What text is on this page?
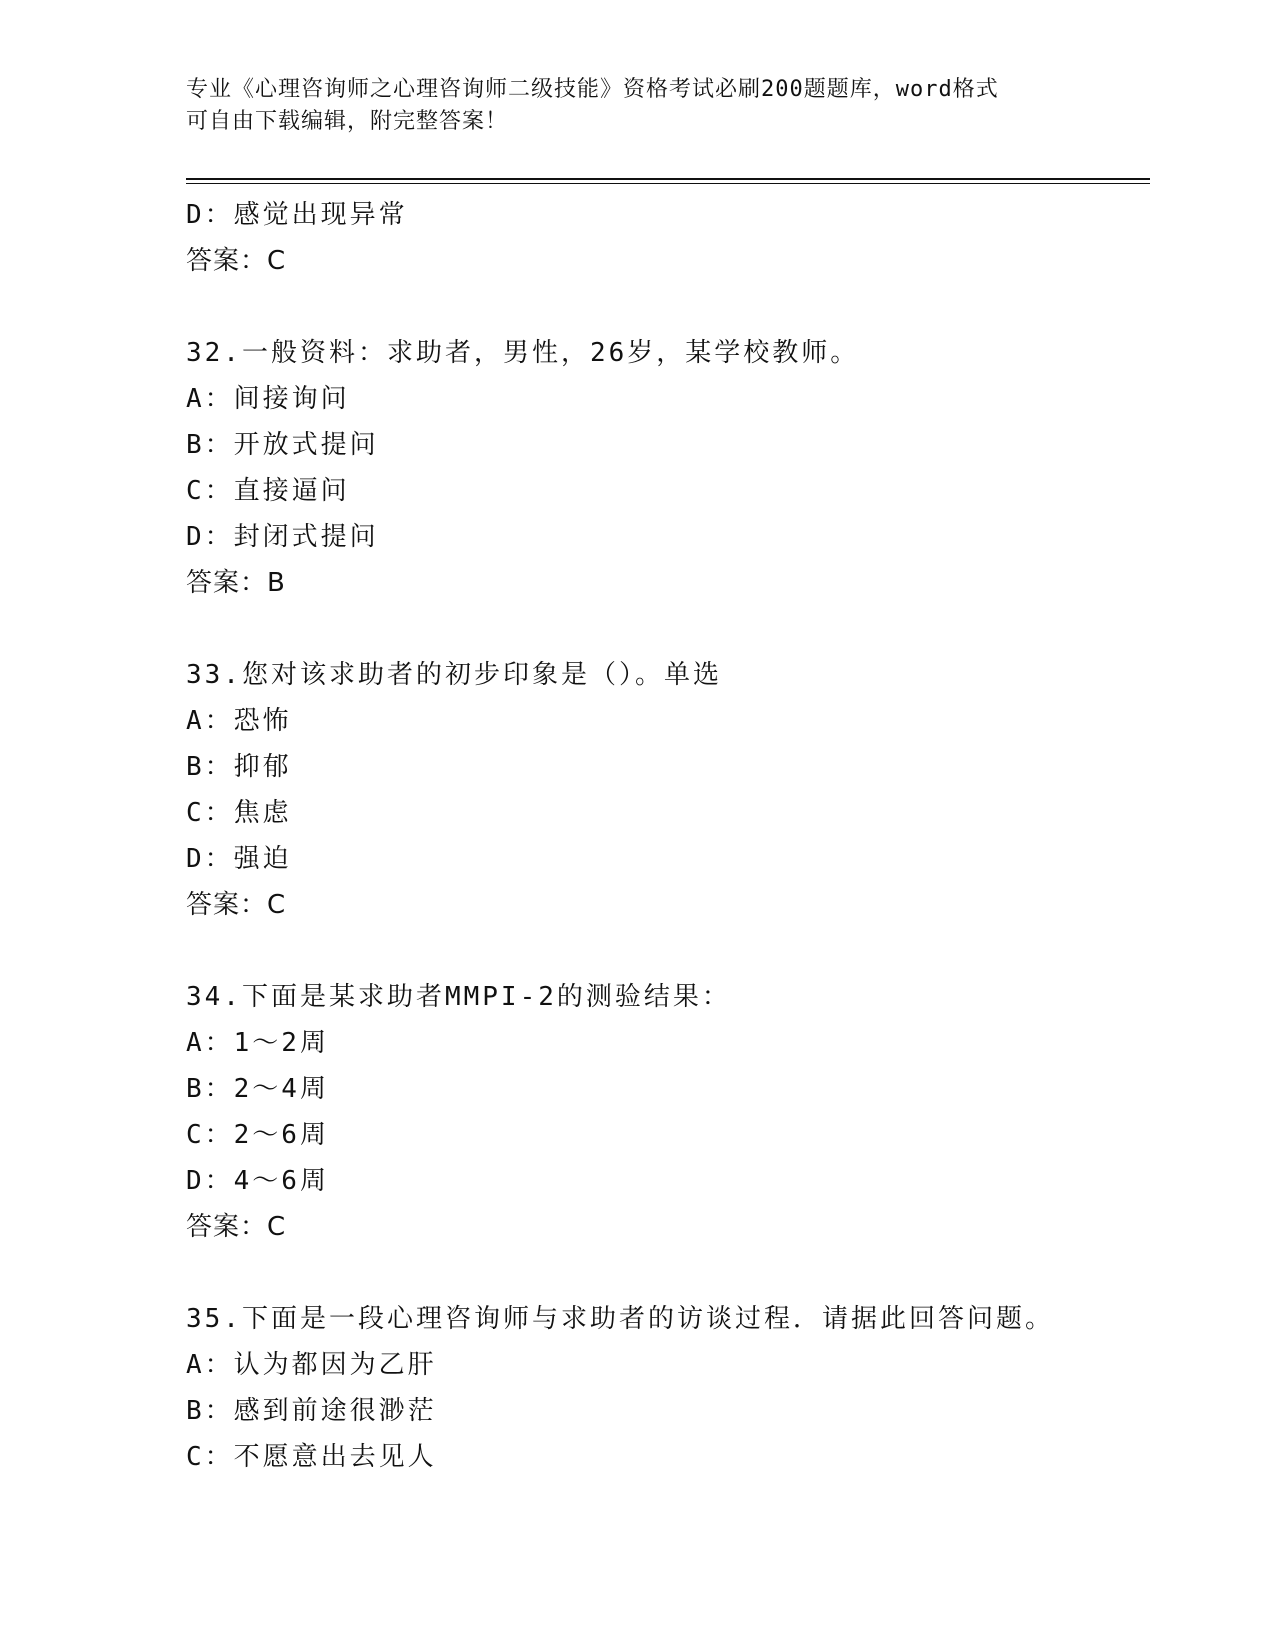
专业《心理咨询师之心理咨询师二级技能》资格考试必刷200题题库，word格式
可自由下载编辑，附完整答案！
D：感觉出现异常
答案：C
32.一般资料：求助者，男性，26岁，某学校教师。
A：间接询问
B：开放式提问
C：直接逼问
D：封闭式提问
答案：B
33.您对该求助者的初步印象是（）。单选
A：恐怖
B：抑郁
C：焦虑
D：强迫
答案：C
34.下面是某求助者MMPI-2的测验结果：
A：1～2周
B：2～4周
C：2～6周
D：4～6周
答案：C
35.下面是一段心理咨询师与求助者的访谈过程．请据此回答问题。
A：认为都因为乙肝
B：感到前途很渺茫
C：不愿意出去见人
